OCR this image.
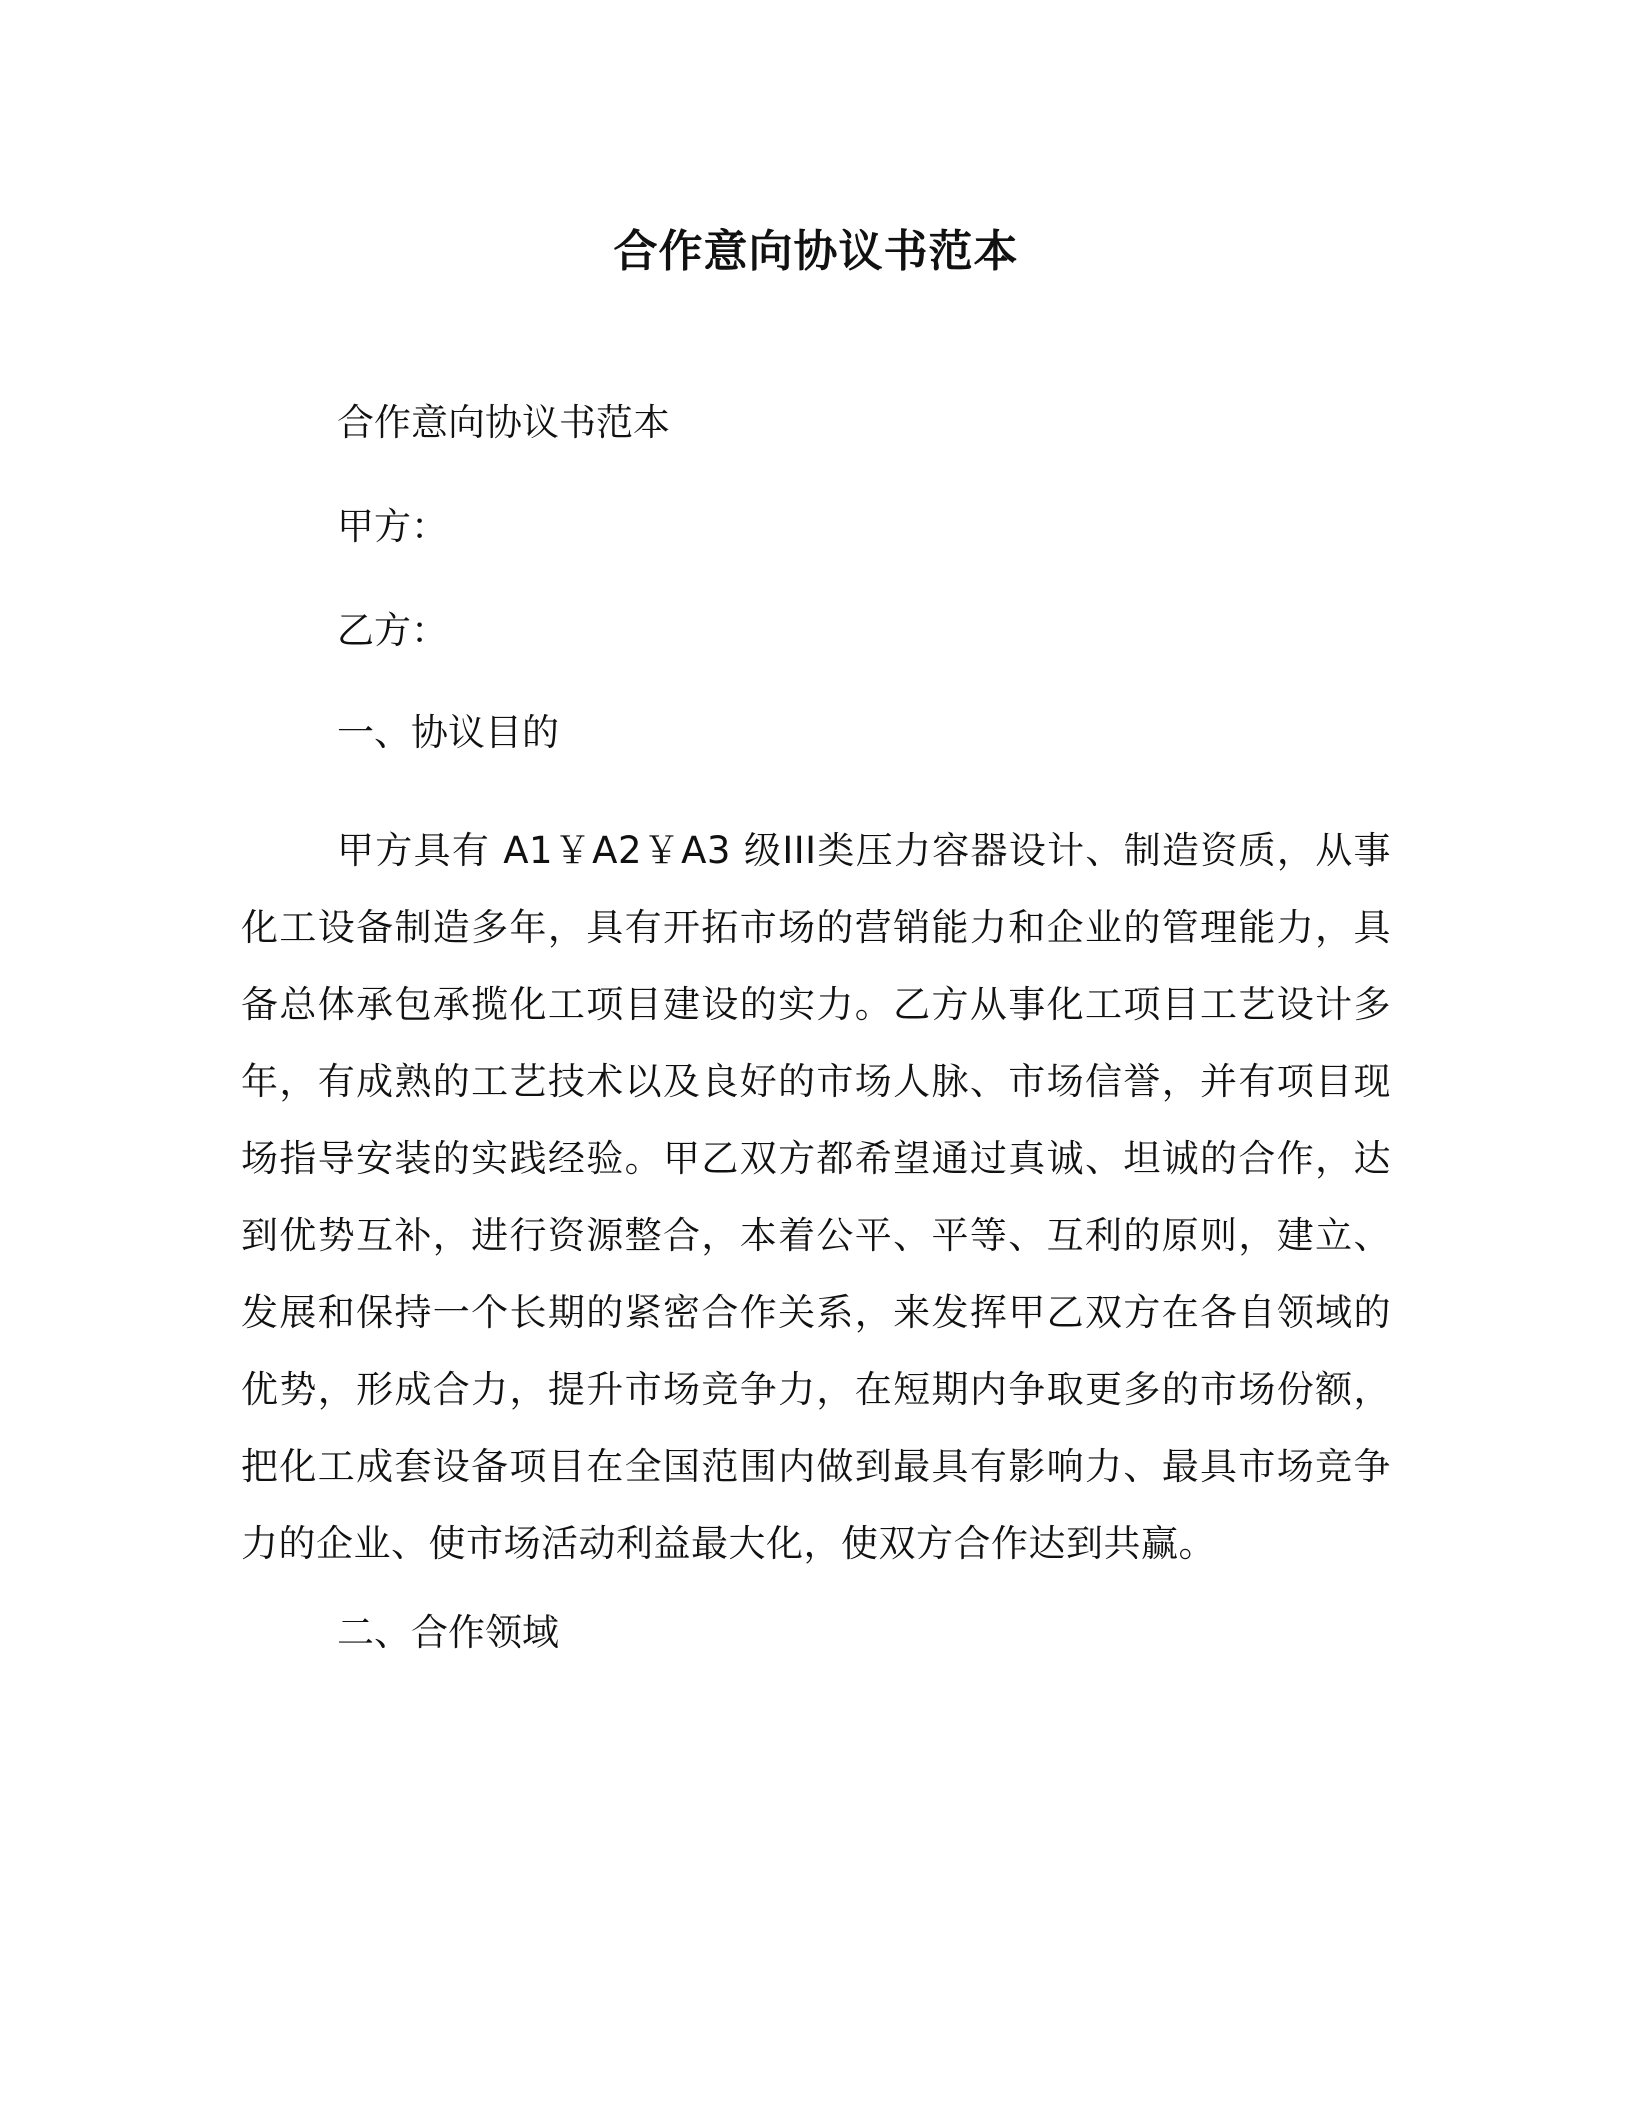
合作意向协议书范本
合作意向协议书范本
甲方：
乙方：
一、协议目的
甲方具有 A1￥A2￥A3 级III类压力容器设计、制造资质，从事化工设备制造多年，具有开拓市场的营销能力和企业的管理能力，具备总体承包承揽化工项目建设的实力。乙方从事化工项目工艺设计多年，有成熟的工艺技术以及良好的市场人脉、市场信誉，并有项目现场指导安装的实践经验。甲乙双方都希望通过真诚、坦诚的合作，达到优势互补，进行资源整合，本着公平、平等、互利的原则，建立、发展和保持一个长期的紧密合作关系，来发挥甲乙双方在各自领域的优势，形成合力，提升市场竞争力，在短期内争取更多的市场份额，把化工成套设备项目在全国范围内做到最具有影响力、最具市场竞争力的企业、使市场活动利益最大化，使双方合作达到共赢。
二、合作领域
